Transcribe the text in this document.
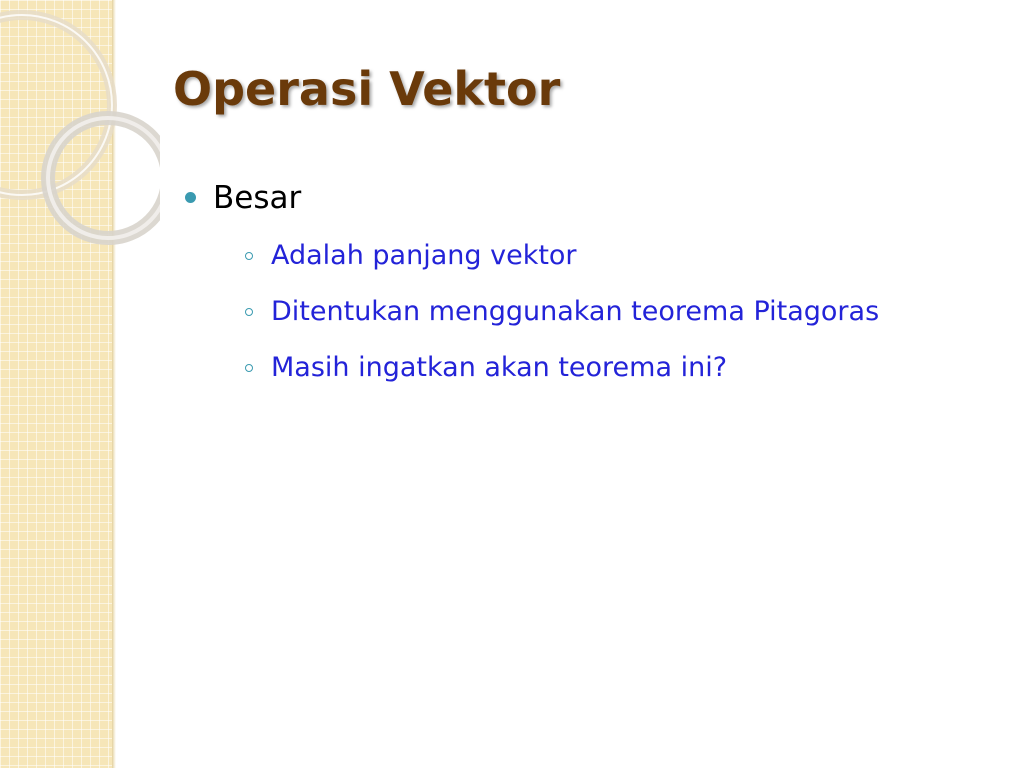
Operasi Vektor
Besar
Adalah panjang vektor
Ditentukan menggunakan teorema Pitagoras
Masih ingatkan akan teorema ini?
